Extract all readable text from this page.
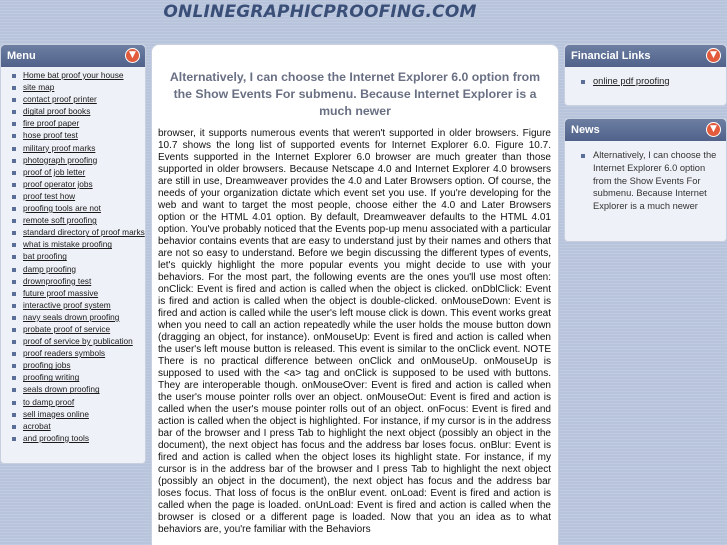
ONLINEGRAPHICPROOFING.COM
Menu	▼
Home bat proof your house
site map
contact proof printer
digital proof books
fire proof paper
hose proof test
military proof marks
photograph proofing
proof of job letter
proof operator jobs
proof test how
proofing tools are not
remote soft proofing
standard directory of proof marks
what is mistake proofing
bat proofing
damp proofing
drownproofing test
future proof massive
interactive proof system
navy seals drown proofing
probate proof of service
proof of service by publication
proof readers symbols
proofing jobs
proofing writing
seals drown proofing
to damp proof
sell images online
acrobat
and proofing tools
Alternatively, I can choose the Internet Explorer 6.0 option from the Show Events For submenu. Because Internet Explorer is a much newer
browser, it supports numerous events that weren't supported in older browsers. Figure 10.7 shows the long list of supported events for Internet Explorer 6.0. Figure 10.7. Events supported in the Internet Explorer 6.0 browser are much greater than those supported in older browsers. Because Netscape 4.0 and Internet Explorer 4.0 browsers are still in use, Dreamweaver provides the 4.0 and Later Browsers option. Of course, the needs of your organization dictate which event set you use. If you're developing for the web and want to target the most people, choose either the 4.0 and Later Browsers option or the HTML 4.01 option. By default, Dreamweaver defaults to the HTML 4.01 option. You've probably noticed that the Events pop-up menu associated with a particular behavior contains events that are easy to understand just by their names and others that are not so easy to understand. Before we begin discussing the different types of events, let's quickly highlight the more popular events you might decide to use with your behaviors. For the most part, the following events are the ones you'll use most often: onClick: Event is fired and action is called when the object is clicked. onDblClick: Event is fired and action is called when the object is double-clicked. onMouseDown: Event is fired and action is called while the user's left mouse click is down. This event works great when you need to call an action repeatedly while the user holds the mouse button down (dragging an object, for instance). onMouseUp: Event is fired and action is called when the user's left mouse button is released. This event is similar to the onClick event. NOTE There is no practical difference between onClick and onMouseUp. onMouseUp is supposed to used with the <a> tag and onClick is supposed to be used with buttons. They are interoperable though. onMouseOver: Event is fired and action is called when the user's mouse pointer rolls over an object. onMouseOut: Event is fired and action is called when the user's mouse pointer rolls out of an object. onFocus: Event is fired and action is called when the object is highlighted. For instance, if my cursor is in the address bar of the browser and I press Tab to highlight the next object (possibly an object in the document), the next object has focus and the address bar loses focus. onBlur: Event is fired and action is called when the object loses its highlight state. For instance, if my cursor is in the address bar of the browser and I press Tab to highlight the next object (possibly an object in the document), the next object has focus and the address bar loses focus. That loss of focus is the onBlur event. onLoad: Event is fired and action is called when the page is loaded. onUnLoad: Event is fired and action is called when the browser is closed or a different page is loaded. Now that you an idea as to what behaviors are, you're familiar with the Behaviors
Financial Links	▼
online pdf proofing
News	▼
Alternatively, I can choose the Internet Explorer 6.0 option from the Show Events For submenu. Because Internet Explorer is a much newer
